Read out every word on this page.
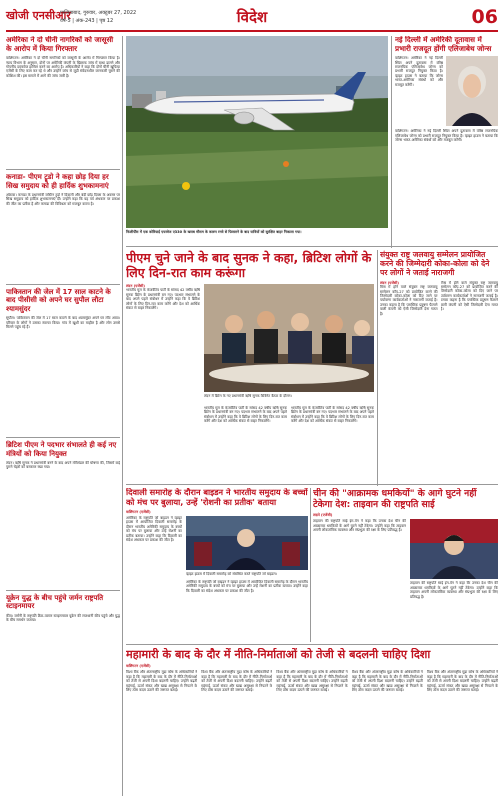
खोजी एनसीआर
गाजियाबाद, गुरुवार, अक्टूबर 27, 2022
वर्ष-5 | अंक-243 | पृष्ठ 12	विदेश	06
अमेरिका ने दो चीनी नागरिकों को जासूसी के आरोप में किया गिरफ्तार
वाशिंगटन। अमेरिका ने दो चीनी नागरिकों को जासूसी के आरोप में गिरफ्तार किया है। न्याय विभाग के अनुसार, दोनों पर अमेरिकी कंपनी के खिलाफ जांच में बाधा डालने और गोपनीय दस्तावेज हासिल करने का आरोप है। अधिकारियों ने कहा कि दोनों चीनी खुफिया एजेंसी के लिए काम कर रहे थे और उन्होंने जांच से जुड़ी संवेदनशील जानकारी चुराने की कोशिश की। इस मामले में आगे की जांच जारी है।
कनाडा- पीएम ट्रूडो ने कहा छोड़ दिया हर सिख समुदाय को ही हार्दिक शुभकामनाएं
ओटावा। कनाडा के प्रधानमंत्री जस्टिन ट्रूडो ने दिवाली और बंदी छोड़ दिवस के अवसर पर सिख समुदाय को हार्दिक शुभकामनाएं दीं। उन्होंने कहा कि यह पर्व अंधकार पर प्रकाश की जीत का प्रतीक है और कनाडा की विविधता को मजबूत करता है।
पाकिस्तान की जेल में 17 साल काटने के बाद पीसीसी को अपने घर सुपौल लौटा श्यामसुंदर
सुपौल। पाकिस्तान की जेल में 17 साल काटने के बाद श्यामसुंदर अपने घर लौट आया। परिवार के लोगों ने उसका स्वागत किया। गांव में खुशी का माहौल है और लोग उससे मिलने पहुंच रहे हैं।
ब्रिटिश पीएम ने पदभार संभालते ही कई नए मंत्रियों को किया नियुक्त
लंदन। ऋषि सुनक ने प्रधानमंत्री बनने के बाद अपने मंत्रिमंडल की घोषणा की, जिसमें कई पुराने चेहरों को बरकरार रखा गया।
यूक्रेन युद्ध के बीच पहुंचे जर्मन राष्ट्रपति स्टाइनमायर
कीव। जर्मनी के राष्ट्रपति फ्रैंक-वाल्टर स्टाइनमायर यूक्रेन की राजधानी कीव पहुंचे और युद्ध के बीच समर्थन जताया।
फिलीपींस में एक कोरियाई एयरवेज ए330 के खराब मौसम के कारण रनवे से फिसलने के बाद यात्रियों को सुरक्षित बाहर निकाला गया।
नई दिल्ली में अमेरिकी दूतावास में प्रभारी राजदूत होंगी एलिजाबेथ जोन्स
वाशिंगटन। अमेरिका ने नई दिल्ली स्थित अपने दूतावास में वरिष्ठ राजनयिक एलिजाबेथ जोन्स को प्रभारी राजदूत नियुक्त किया है। व्हाइट हाउस ने बताया कि जोन्स भारत-अमेरिका संबंधों को और मजबूत करेंगी।
वाशिंगटन। अमेरिका ने नई दिल्ली स्थित अपने दूतावास में वरिष्ठ राजनयिक एलिजाबेथ जोन्स को प्रभारी राजदूत नियुक्त किया है। व्हाइट हाउस ने बताया कि जोन्स भारत-अमेरिका संबंधों को और मजबूत करेंगी।
पीएम चुने जाने के बाद सुनक ने कहा, ब्रिटिश लोगों के लिए दिन-रात काम करूंगा
लंदन (एजेंसी)
भारतीय मूल के कंजर्वेटिव पार्टी के सांसद 42 वर्षीय ऋषि सुनक ब्रिटेन के प्रधानमंत्री बन गए। पदभार संभालने के बाद अपने पहले संबोधन में उन्होंने कहा कि वे ब्रिटिश लोगों के लिए दिन-रात काम करेंगे और देश को आर्थिक संकट से बाहर निकालेंगे।
लंदन में ब्रिटेन के नए प्रधानमंत्री ऋषि सुनक कैबिनेट बैठक के दौरान।
भारतीय मूल के कंजर्वेटिव पार्टी के सांसद 42 वर्षीय ऋषि सुनक ब्रिटेन के प्रधानमंत्री बन गए। पदभार संभालने के बाद अपने पहले संबोधन में उन्होंने कहा कि वे ब्रिटिश लोगों के लिए दिन-रात काम करेंगे और देश को आर्थिक संकट से बाहर निकालेंगे।
भारतीय मूल के कंजर्वेटिव पार्टी के सांसद 42 वर्षीय ऋषि सुनक ब्रिटेन के प्रधानमंत्री बन गए। पदभार संभालने के बाद अपने पहले संबोधन में उन्होंने कहा कि वे ब्रिटिश लोगों के लिए दिन-रात काम करेंगे और देश को आर्थिक संकट से बाहर निकालेंगे।
संयुक्त राष्ट्र जलवायु सम्मेलन प्रायोजित करने की जिम्मेदारी कोका-कोला को देने पर लोगों ने जताई नाराजगी
लंदन (एजेंसी)
मिस्र में होने वाले संयुक्त राष्ट्र जलवायु सम्मेलन कॉप-27 को प्रायोजित करने की जिम्मेदारी कोका-कोला को दिए जाने पर पर्यावरण कार्यकर्ताओं ने नाराजगी जताई है। उनका कहना है कि प्लास्टिक प्रदूषण फैलाने वाली कंपनी को ऐसी जिम्मेदारी देना गलत है।
मिस्र में होने वाले संयुक्त राष्ट्र जलवायु सम्मेलन कॉप-27 को प्रायोजित करने की जिम्मेदारी कोका-कोला को दिए जाने पर पर्यावरण कार्यकर्ताओं ने नाराजगी जताई है। उनका कहना है कि प्लास्टिक प्रदूषण फैलाने वाली कंपनी को ऐसी जिम्मेदारी देना गलत है।
दिवाली समारोह के दौरान बाइडन ने भारतीय समुदाय के बच्चों को मंच पर बुलाया, उन्हें 'रोशनी का प्रतीक' बताया
वाशिंगटन (एजेंसी)
अमेरिका के राष्ट्रपति जो बाइडन ने व्हाइट हाउस में आयोजित दिवाली समारोह के दौरान भारतीय अमेरिकी समुदाय के बच्चों को मंच पर बुलाया और उन्हें रोशनी का प्रतीक बताया। उन्होंने कहा कि दिवाली का संदेश अंधकार पर प्रकाश की जीत है।
व्हाइट हाउस में दिवाली समारोह को संबोधित करते राष्ट्रपति जो बाइडन।
अमेरिका के राष्ट्रपति जो बाइडन ने व्हाइट हाउस में आयोजित दिवाली समारोह के दौरान भारतीय अमेरिकी समुदाय के बच्चों को मंच पर बुलाया और उन्हें रोशनी का प्रतीक बताया। उन्होंने कहा कि दिवाली का संदेश अंधकार पर प्रकाश की जीत है।
चीन की "आक्रामक धमकियों" के आगे घुटने नहीं टेकेगा देश: ताइवान की राष्ट्रपति साई
ताइपे (एजेंसी)
ताइवान की राष्ट्रपति साई इंग-वेन ने कहा कि उनका देश चीन की आक्रामक धमकियों के आगे घुटने नहीं टेकेगा। उन्होंने कहा कि ताइवान अपनी लोकतांत्रिक व्यवस्था और संप्रभुता की रक्षा के लिए प्रतिबद्ध है।
ताइवान की राष्ट्रपति साई इंग-वेन ने कहा कि उनका देश चीन की आक्रामक धमकियों के आगे घुटने नहीं टेकेगा। उन्होंने कहा कि ताइवान अपनी लोकतांत्रिक व्यवस्था और संप्रभुता की रक्षा के लिए प्रतिबद्ध है।
महामारी के बाद के दौर में नीति-निर्माताओं को तेजी से बदलनी चाहिए दिशा
वाशिंगटन (एजेंसी)
विश्व बैंक और अंतरराष्ट्रीय मुद्रा कोष के अधिकारियों ने कहा है कि महामारी के बाद के दौर में नीति-निर्माताओं को तेजी से अपनी दिशा बदलनी चाहिए। उन्होंने बढ़ती महंगाई, ऊर्जा संकट और खाद्य असुरक्षा से निपटने के लिए ठोस कदम उठाने की जरूरत बताई।
विश्व बैंक और अंतरराष्ट्रीय मुद्रा कोष के अधिकारियों ने कहा है कि महामारी के बाद के दौर में नीति-निर्माताओं को तेजी से अपनी दिशा बदलनी चाहिए। उन्होंने बढ़ती महंगाई, ऊर्जा संकट और खाद्य असुरक्षा से निपटने के लिए ठोस कदम उठाने की जरूरत बताई।
विश्व बैंक और अंतरराष्ट्रीय मुद्रा कोष के अधिकारियों ने कहा है कि महामारी के बाद के दौर में नीति-निर्माताओं को तेजी से अपनी दिशा बदलनी चाहिए। उन्होंने बढ़ती महंगाई, ऊर्जा संकट और खाद्य असुरक्षा से निपटने के लिए ठोस कदम उठाने की जरूरत बताई।
विश्व बैंक और अंतरराष्ट्रीय मुद्रा कोष के अधिकारियों ने कहा है कि महामारी के बाद के दौर में नीति-निर्माताओं को तेजी से अपनी दिशा बदलनी चाहिए। उन्होंने बढ़ती महंगाई, ऊर्जा संकट और खाद्य असुरक्षा से निपटने के लिए ठोस कदम उठाने की जरूरत बताई।
विश्व बैंक और अंतरराष्ट्रीय मुद्रा कोष के अधिकारियों ने कहा है कि महामारी के बाद के दौर में नीति-निर्माताओं को तेजी से अपनी दिशा बदलनी चाहिए। उन्होंने बढ़ती महंगाई, ऊर्जा संकट और खाद्य असुरक्षा से निपटने के लिए ठोस कदम उठाने की जरूरत बताई।
